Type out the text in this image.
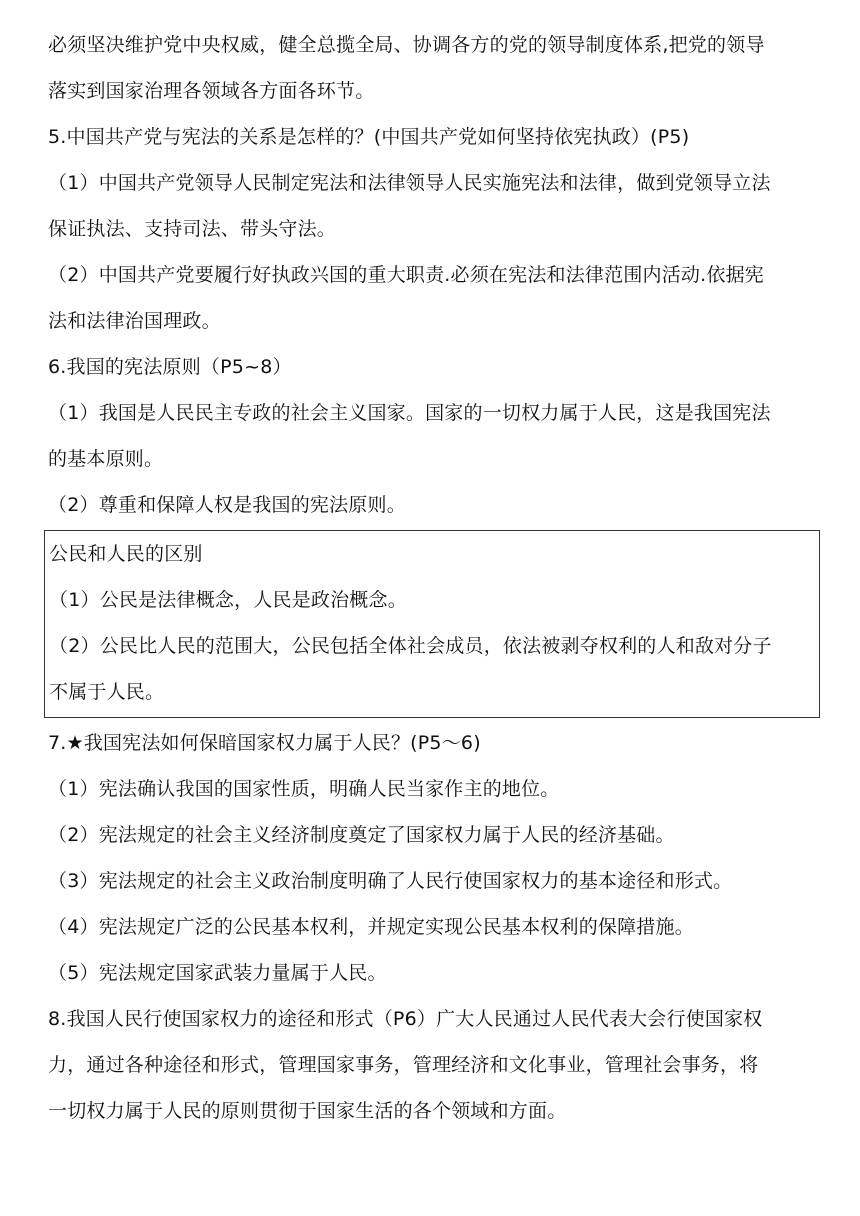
必须坚决维护党中央权威，健全总揽全局、协调各方的党的领导制度体系,把党的领导
落实到国家治理各领域各方面各环节。
5.中国共产党与宪法的关系是怎样的？(中国共产党如何坚持依宪执政）(P5)
（1）中国共产党领导人民制定宪法和法律领导人民实施宪法和法律，做到党领导立法
保证执法、支持司法、带头守法。
（2）中国共产党要履行好执政兴国的重大职责.必须在宪法和法律范围内活动.依据宪
法和法律治国理政。
6.我国的宪法原则（P5~8）
（1）我国是人民民主专政的社会主义国家。国家的一切权力属于人民，这是我国宪法
的基本原则。
（2）尊重和保障人权是我国的宪法原则。
公民和人民的区别
（1）公民是法律概念，人民是政治概念。
（2）公民比人民的范围大，公民包括全体社会成员，依法被剥夺权利的人和敌对分子
不属于人民。
7.★我国宪法如何保暗国家权力属于人民？(P5～6)
（1）宪法确认我国的国家性质，明确人民当家作主的地位。
（2）宪法规定的社会主义经济制度奠定了国家权力属于人民的经济基础。
（3）宪法规定的社会主义政治制度明确了人民行使国家权力的基本途径和形式。
（4）宪法规定广泛的公民基本权利，并规定实现公民基本权利的保障措施。
（5）宪法规定国家武装力量属于人民。
8.我国人民行使国家权力的途径和形式（P6）广大人民通过人民代表大会行使国家权
力，通过各种途径和形式，管理国家事务，管理经济和文化事业，管理社会事务，将
一切权力属于人民的原则贯彻于国家生活的各个领域和方面。
